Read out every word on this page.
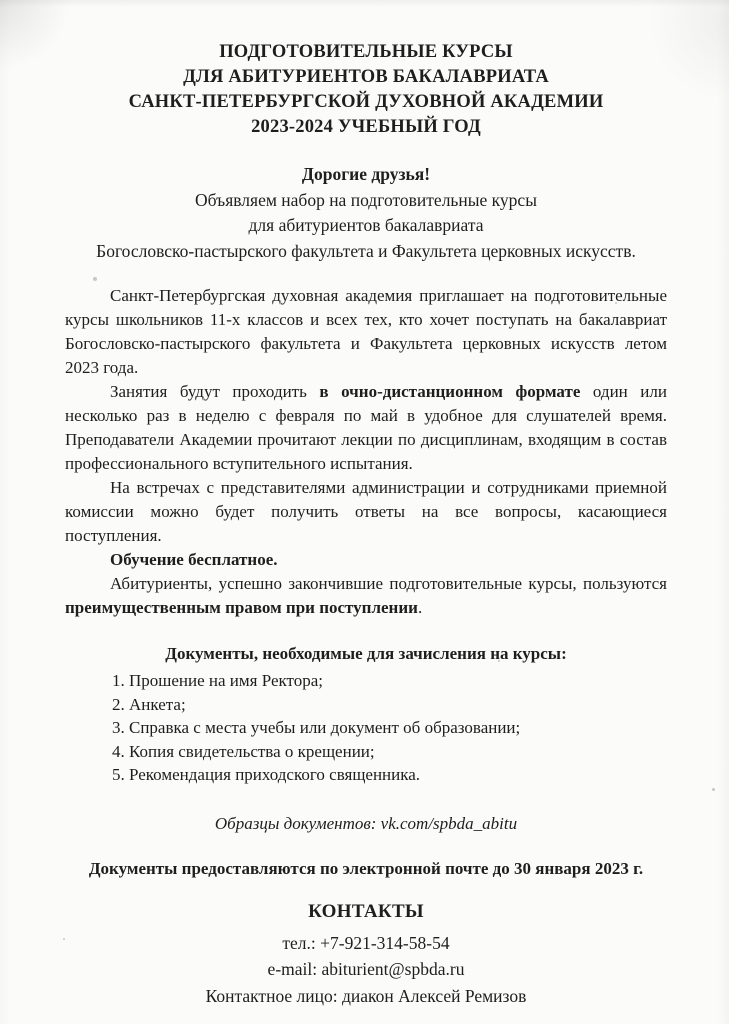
ПОДГОТОВИТЕЛЬНЫЕ КУРСЫ
ДЛЯ АБИТУРИЕНТОВ БАКАЛАВРИАТА
САНКТ-ПЕТЕРБУРГСКОЙ ДУХОВНОЙ АКАДЕМИИ
2023-2024 УЧЕБНЫЙ ГОД
Дорогие друзья!
Объявляем набор на подготовительные курсы
для абитуриентов бакалавриата
Богословско-пастырского факультета и Факультета церковных искусств.

Санкт-Петербургская духовная академия приглашает на подготовительные курсы школьников 11-х классов и всех тех, кто хочет поступать на бакалавриат Богословско-пастырского факультета и Факультета церковных искусств летом 2023 года.

Занятия будут проходить в очно-дистанционном формате один или несколько раз в неделю с февраля по май в удобное для слушателей время. Преподаватели Академии прочитают лекции по дисциплинам, входящим в состав профессионального вступительного испытания.

На встречах с представителями администрации и сотрудниками приемной комиссии можно будет получить ответы на все вопросы, касающиеся поступления.

Обучение бесплатное.

Абитуриенты, успешно закончившие подготовительные курсы, пользуются преимущественным правом при поступлении.

Документы, необходимые для зачисления на курсы:

1. Прошение на имя Ректора;
2. Анкета;
3. Справка с места учебы или документ об образовании;
4. Копия свидетельства о крещении;
5. Рекомендация приходского священника.

Образцы документов: vk.com/spbda_abitu

Документы предоставляются по электронной почте до 30 января 2023 г.

КОНТАКТЫ
тел.: +7-921-314-58-54
e-mail: abiturient@spbda.ru
Контактное лицо: диакон Алексей Ремизов
